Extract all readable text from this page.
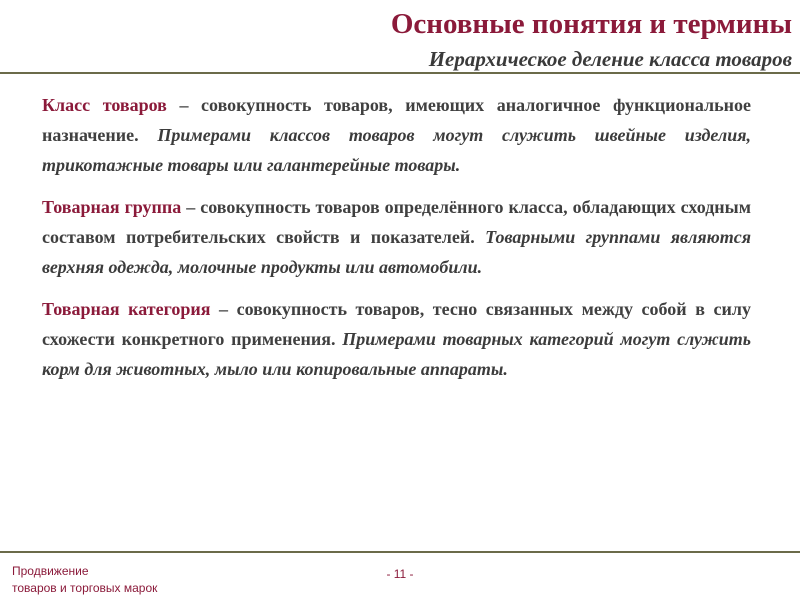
Основные понятия и термины
Иерархическое деление класса товаров

Класс товаров – совокупность товаров, имеющих аналогичное функциональное назначение. Примерами классов товаров могут служить швейные изделия, трикотажные товары или галантерейные товары.

Товарная группа – совокупность товаров определённого класса, обладающих сходным составом потребительских свойств и показателей. Товарными группами являются верхняя одежда, молочные продукты или автомобили.

Товарная категория – совокупность товаров, тесно связанных между собой в силу схожести конкретного применения. Примерами товарных категорий могут служить корм для животных, мыло или копировальные аппараты.

Продвижение
товаров и торговых марок
- 11 -
